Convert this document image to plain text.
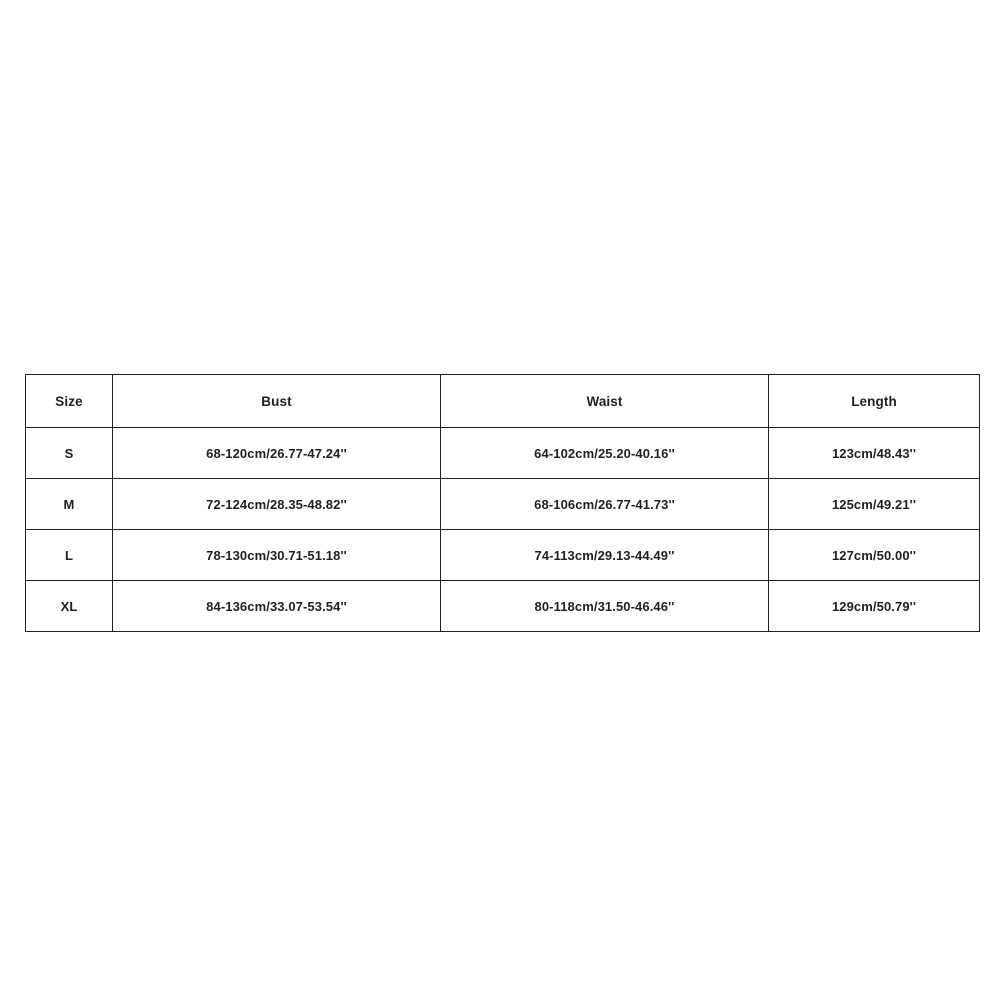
Size	Bust	Waist	Length
S	68-120cm/26.77-47.24''	64-102cm/25.20-40.16''	123cm/48.43''
M	72-124cm/28.35-48.82''	68-106cm/26.77-41.73''	125cm/49.21''
L	78-130cm/30.71-51.18''	74-113cm/29.13-44.49''	127cm/50.00''
XL	84-136cm/33.07-53.54''	80-118cm/31.50-46.46''	129cm/50.79''
